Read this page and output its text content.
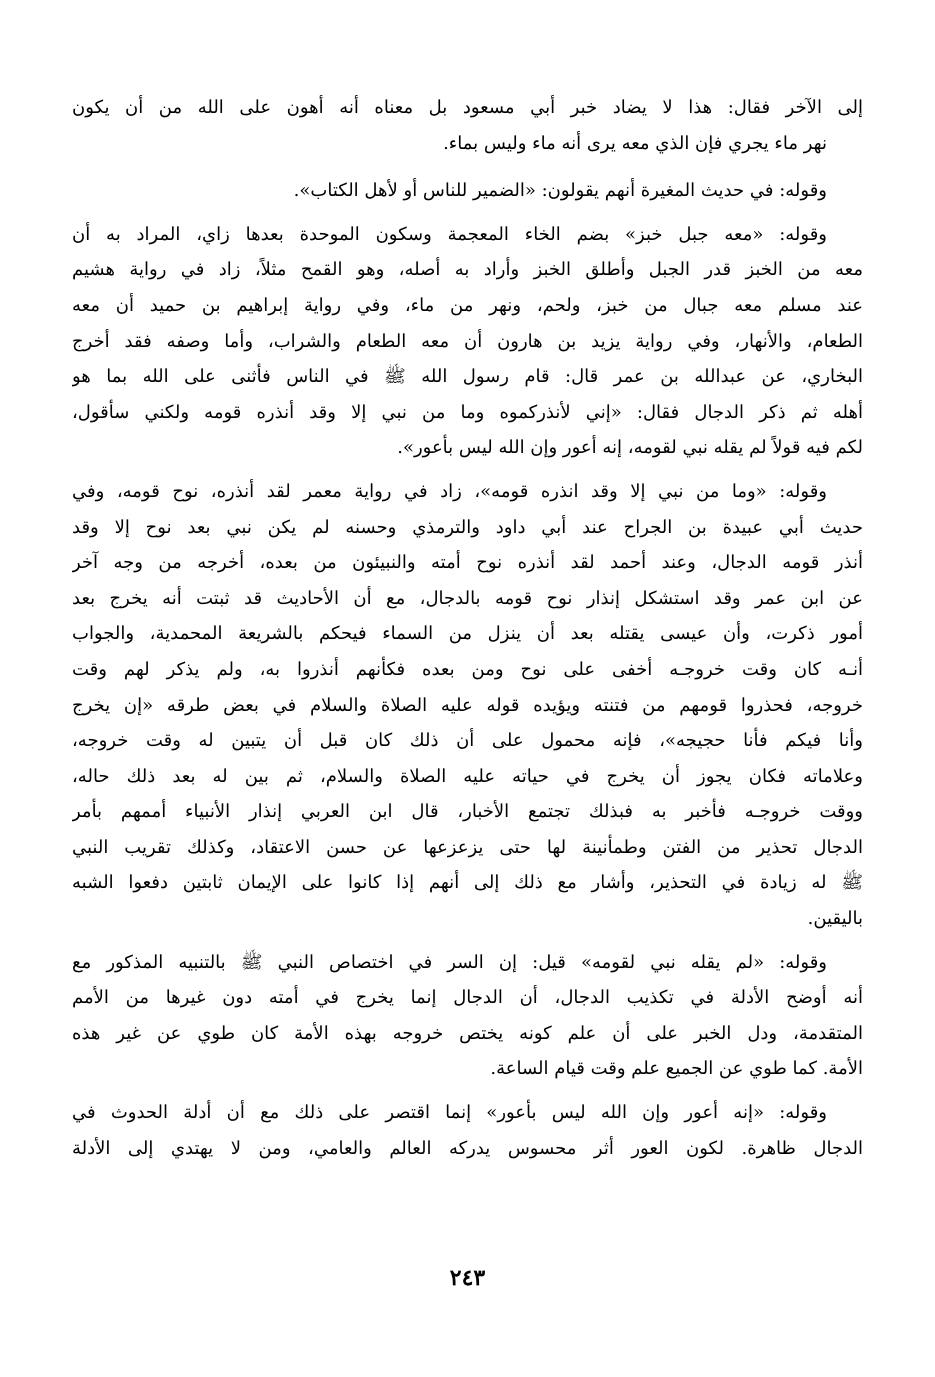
إلى الآخر فقال: هذا لا يضاد خبر أبي مسعود بل معناه أنه أهون على الله من أن يكون
نهر ماء يجري فإن الذي معه يرى أنه ماء وليس بماء.

وقوله: في حديث المغيرة أنهم يقولون: «الضمير للناس أو لأهل الكتاب».

وقوله: «معه جبل خبز» بضم الخاء المعجمة وسكون الموحدة بعدها زاي، المراد به أن
معه من الخبز قدر الجبل وأطلق الخبز وأراد به أصله، وهو القمح مثلاً، زاد في رواية هشيم
عند مسلم معه جبال من خبز، ولحم، ونهر من ماء، وفي رواية إبراهيم بن حميد أن معه
الطعام، والأنهار، وفي رواية يزيد بن هارون أن معه الطعام والشراب، وأما وصفه فقد أخرج
البخاري، عن عبدالله بن عمر قال: قام رسول الله ﷺ في الناس فأثنى على الله بما هو
أهله ثم ذكر الدجال فقال: «إني لأنذركموه وما من نبي إلا وقد أنذره قومه ولكني سأقول،
لكم فيه قولاً لم يقله نبي لقومه، إنه أعور وإن الله ليس بأعور».

وقوله: «وما من نبي إلا وقد انذره قومه»، زاد في رواية معمر لقد أنذره، نوح قومه، وفي
حديث أبي عبيدة بن الجراح عند أبي داود والترمذي وحسنه لم يكن نبي بعد نوح إلا وقد
أنذر قومه الدجال، وعند أحمد لقد أنذره نوح أمته والنبيئون من بعده، أخرجه من وجه آخر
عن ابن عمر وقد استشكل إنذار نوح قومه بالدجال، مع أن الأحاديث قد ثبتت أنه يخرج بعد
أمور ذكرت، وأن عيسى يقتله بعد أن ينزل من السماء فيحكم بالشريعة المحمدية، والجواب
أنـه كان وقت خروجـه أخفى على نوح ومن بعده فكأنهم أنذروا به، ولم يذكر لهم وقت
خروجه، فحذروا قومهم من فتنته ويؤيده قوله عليه الصلاة والسلام في بعض طرقه «إن يخرج
وأنا فيكم فأنا حجيجه»، فإنه محمول على أن ذلك كان قبل أن يتبين له وقت خروجه،
وعلاماته فكان يجوز أن يخرج في حياته عليه الصلاة والسلام، ثم بين له بعد ذلك حاله،
ووقت خروجـه فأخبر به فبذلك تجتمع الأخبار، قال ابن العربي إنذار الأنبياء أممهم بأمر
الدجال تحذير من الفتن وطمأنينة لها حتى يزعزعها عن حسن الاعتقاد، وكذلك تقريب النبي
ﷺ له زيادة في التحذير، وأشار مع ذلك إلى أنهم إذا كانوا على الإيمان ثابتين دفعوا الشبه
باليقين.

وقوله: «لم يقله نبي لقومه» قيل: إن السر في اختصاص النبي ﷺ بالتنبيه المذكور مع
أنه أوضح الأدلة في تكذيب الدجال، أن الدجال إنما يخرج في أمته دون غيرها من الأمم
المتقدمة، ودل الخبر على أن علم كونه يختص خروجه بهذه الأمة كان طوي عن غير هذه
الأمة. كما طوي عن الجميع علم وقت قيام الساعة.

وقوله: «إنه أعور وإن الله ليس بأعور» إنما اقتصر على ذلك مع أن أدلة الحدوث في
الدجال ظاهرة. لكون العور أثر محسوس يدركه العالم والعامي، ومن لا يهتدي إلى الأدلة

٢٤٣
